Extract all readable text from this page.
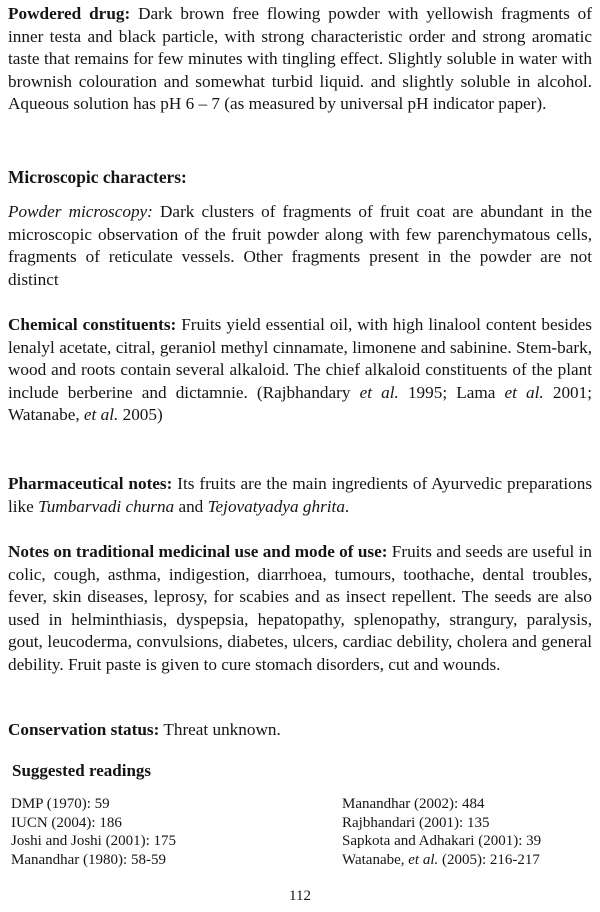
Powdered drug: Dark brown free flowing powder with yellowish fragments of inner testa and black particle, with strong characteristic order and strong aromatic taste that remains for few minutes with tingling effect. Slightly soluble in water with brownish colouration and somewhat turbid liquid. and slightly soluble in alcohol. Aqueous solution has pH 6 – 7 (as measured by universal pH indicator paper).

Microscopic characters:

Powder microscopy: Dark clusters of fragments of fruit coat are abundant in the microscopic observation of the fruit powder along with few parenchymatous cells, fragments of reticulate vessels. Other fragments present in the powder are not distinct

Chemical constituents: Fruits yield essential oil, with high linalool content besides lenalyl acetate, citral, geraniol methyl cinnamate, limonene and sabinine. Stem-bark, wood and roots contain several alkaloid. The chief alkaloid constituents of the plant include berberine and dictamnie. (Rajbhandary et al. 1995; Lama et al. 2001; Watanabe, et al. 2005)

Pharmaceutical notes: Its fruits are the main ingredients of Ayurvedic preparations like Tumbarvadi churna and Tejovatyadya ghrita.

Notes on traditional medicinal use and mode of use: Fruits and seeds are useful in colic, cough, asthma, indigestion, diarrhoea, tumours, toothache, dental troubles, fever, skin diseases, leprosy, for scabies and as insect repellent. The seeds are also used in helminthiasis, dyspepsia, hepatopathy, splenopathy, strangury, paralysis, gout, leucoderma, convulsions, diabetes, ulcers, cardiac debility, cholera and general debility. Fruit paste is given to cure stomach disorders, cut and wounds.

Conservation status: Threat unknown.

Suggested readings
DMP (1970): 59
IUCN (2004): 186
Joshi and Joshi (2001): 175
Manandhar (1980): 58-59
Manandhar (2002): 484
Rajbhandari (2001): 135
Sapkota and Adhakari (2001): 39
Watanabe, et al. (2005): 216-217
112
